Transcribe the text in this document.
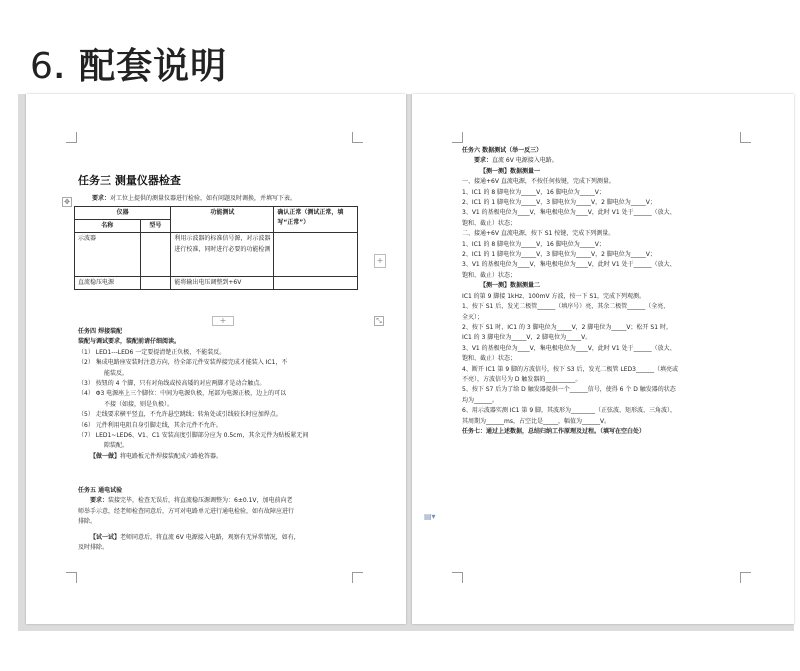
6. 配套说明
任务三 测量仪器检查
✥	要求：对工位上提供的测量仪器进行检验，如有问题及时调换，并填写下表。
仪器		功能测试	确认正常（测试正常，填写“正常”）
名称	型号		
示波器		利用示波器的标准信号源，对示波器进行校准，同时进行必要的功能检测	
直流稳压电源		能将输出电压调整到+6V	
+
+	⤡
任务四 焊接装配
装配与调试要求，装配前请仔细阅读。
（1） LED1---LED6 一定要提清楚正负极，不能装反。
（2） 集成电路座安装时注意方向，待全部元件安装焊接完成才能装入 IC1，不
能装反。
（3） 按钮的 4 个脚，只有对角线或按高矮的对应两脚才是动合触点。
（4） Φ3 电源座上三个脚位：中间为电源负极，尾部为电源正极，边上的可以
不接（如接，则是负极）。
（5） 走线要求横平竖直，不允许悬空跳线；转角处或引线较长时应加焊点。
（6） 元件利用电阻自身引脚走线，其余元件不允许。
（7） LED1~LED6、V1、C1 安装高度引脚部分应为 0.5cm，其余元件为贴板紧无间
隙装配。
【做一做】将电路板元件焊接装配成六路抢答器。
任务五 通电试验
要求：装接完毕，检查无误后，将直流稳压源调整为：6±0.1V，加电前向老
师举手示意，经老师检查同意后，方可对电路单元进行通电检验，如有故障应进行
排除。
【试一试】老师同意后，将直流 6V 电源接入电路，观察有无异常情况，如有，
及时排除。
任务六 数据测试（举一反三）
要求：直流 6V 电源接入电路。
【测一测】数据测量一
一、接通+6V 直流电源，不按任何按键，完成下列测量。
1、IC1 的 8 脚电位为_____V，16 脚电位为_____V；
2、IC1 的 1 脚电位为_____V，3 脚电位为_____V，2 脚电位为_____V；
3、V1 的基极电位为____V，集电极电位为____V，此时 V1 处于______（放大、
饱和、截止）状态；
二、接通+6V 直流电源，按下 S1 按键，完成下列测量。
1、IC1 的 8 脚电位为_____V，16 脚电位为_____V；
2、IC1 的 1 脚电位为_____V，3 脚电位为_____V，2 脚电位为_____V；
3、V1 的基极电位为____V，集电极电位为____V，此时 V1 处于______（放大、
饱和、截止）状态；
【测一测】数据测量二
IC1 的第 9 脚接 1kHz、100mV 方波，按一下 S1，完成下列观测。
1、按下 S1 后，发光二极管______（填序号）亮，其余二极管______（全亮、
全灭）；
2、按下 S1 时，IC1 的 3 脚电位为_____V，2 脚电位为_____V；松开 S1 时，
IC1 的 3 脚电位为_____V，2 脚电位为_____V。
3、V1 的基极电位为____V，集电极电位为____V，此时 V1 处于______（放大、
饱和、截止）状态；
4、断开 IC1 第 9 脚的方波信号，按下 S3 后，发光二极管 LED3______（填亮或
不亮），方波信号为 D 触发器的__________。
5、按下 S7 后为了给 D 触发器提供一个______信号，使得 6 个 D 触发器的状态
均为______。
6、用示波器实测 IC1 第 9 脚，其波形为________（正弦波、矩形波、三角波），
其周期为______ms，占空比是_____，幅值为______V。
任务七：通过上述数据，总结归纳工作原理及过程。（填写在空白处）
▤▾
